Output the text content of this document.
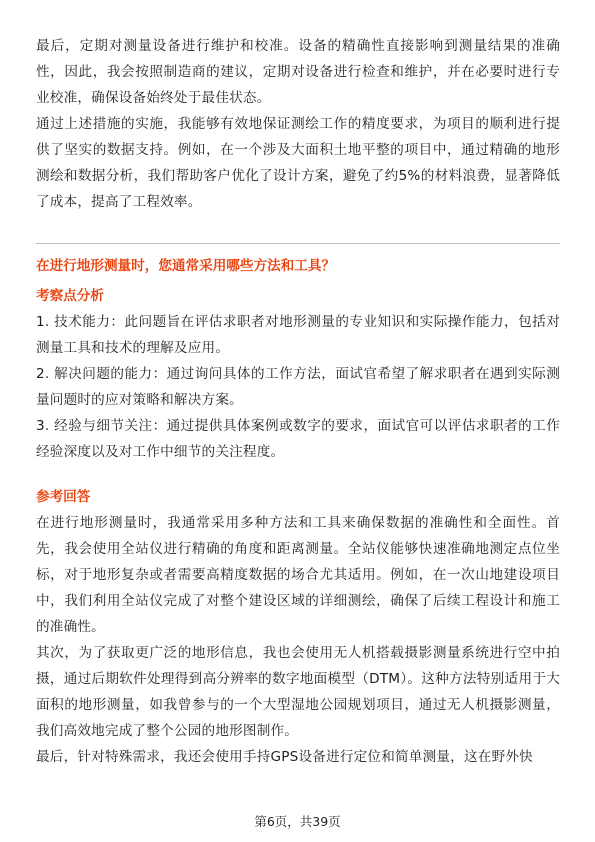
最后，定期对测量设备进行维护和校准。设备的精确性直接影响到测量结果的准确性，因此，我会按照制造商的建议，定期对设备进行检查和维护，并在必要时进行专业校准，确保设备始终处于最佳状态。

通过上述措施的实施，我能够有效地保证测绘工作的精度要求，为项目的顺利进行提供了坚实的数据支持。例如，在一个涉及大面积土地平整的项目中，通过精确的地形测绘和数据分析，我们帮助客户优化了设计方案，避免了约5%的材料浪费，显著降低了成本，提高了工程效率。

在进行地形测量时，您通常采用哪些方法和工具？

考察点分析

1. 技术能力：此问题旨在评估求职者对地形测量的专业知识和实际操作能力，包括对测量工具和技术的理解及应用。

2. 解决问题的能力：通过询问具体的工作方法，面试官希望了解求职者在遇到实际测量问题时的应对策略和解决方案。

3. 经验与细节关注：通过提供具体案例或数字的要求，面试官可以评估求职者的工作经验深度以及对工作中细节的关注程度。

参考回答

在进行地形测量时，我通常采用多种方法和工具来确保数据的准确性和全面性。首先，我会使用全站仪进行精确的角度和距离测量。全站仪能够快速准确地测定点位坐标，对于地形复杂或者需要高精度数据的场合尤其适用。例如，在一次山地建设项目中，我们利用全站仪完成了对整个建设区域的详细测绘，确保了后续工程设计和施工的准确性。

其次，为了获取更广泛的地形信息，我也会使用无人机搭载摄影测量系统进行空中拍摄，通过后期软件处理得到高分辨率的数字地面模型（DTM）。这种方法特别适用于大面积的地形测量，如我曾参与的一个大型湿地公园规划项目，通过无人机摄影测量，我们高效地完成了整个公园的地形图制作。

最后，针对特殊需求，我还会使用手持GPS设备进行定位和简单测量，这在野外快

第6页，共39页
